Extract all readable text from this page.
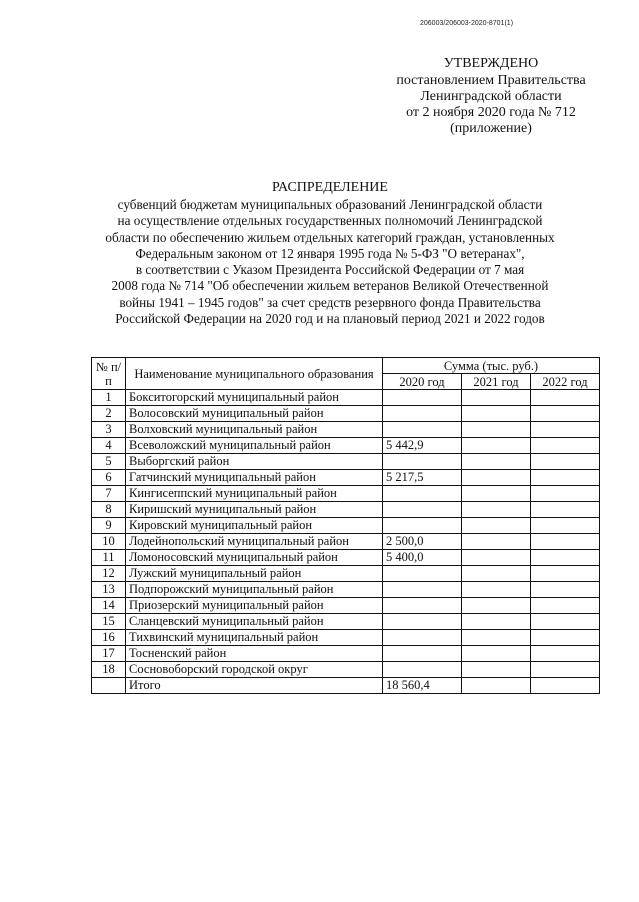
206003/206003-2020-8701(1)
УТВЕРЖДЕНО
постановлением Правительства
Ленинградской области
от 2 ноября 2020 года № 712
(приложение)
РАСПРЕДЕЛЕНИЕ
субвенций бюджетам муниципальных образований Ленинградской области
на осуществление отдельных государственных полномочий Ленинградской
области по обеспечению жильем отдельных категорий граждан, установленных
Федеральным законом от 12 января 1995 года № 5-ФЗ "О ветеранах",
в соответствии с Указом Президента Российской Федерации от 7 мая
2008 года № 714 "Об обеспечении жильем ветеранов Великой Отечественной
войны 1941 – 1945 годов" за счет средств резервного фонда Правительства
Российской Федерации на 2020 год и на плановый период 2021 и 2022 годов
№ п/п	Наименование муниципального образования	Сумма (тыс. руб.)		
		2020 год	2021 год	2022 год
1	Бокситогорский муниципальный район			
2	Волосовский муниципальный район			
3	Волховский муниципальный район			
4	Всеволожский муниципальный район	5 442,9		
5	Выборгский район			
6	Гатчинский муниципальный район	5 217,5		
7	Кингисеппский муниципальный район			
8	Киришский муниципальный район			
9	Кировский муниципальный район			
10	Лодейнопольский муниципальный район	2 500,0		
11	Ломоносовский муниципальный район	5 400,0		
12	Лужский муниципальный район			
13	Подпорожский муниципальный район			
14	Приозерский муниципальный район			
15	Сланцевский муниципальный район			
16	Тихвинский муниципальный район			
17	Тосненский район			
18	Сосновоборский городской округ			
	Итого	18 560,4		
